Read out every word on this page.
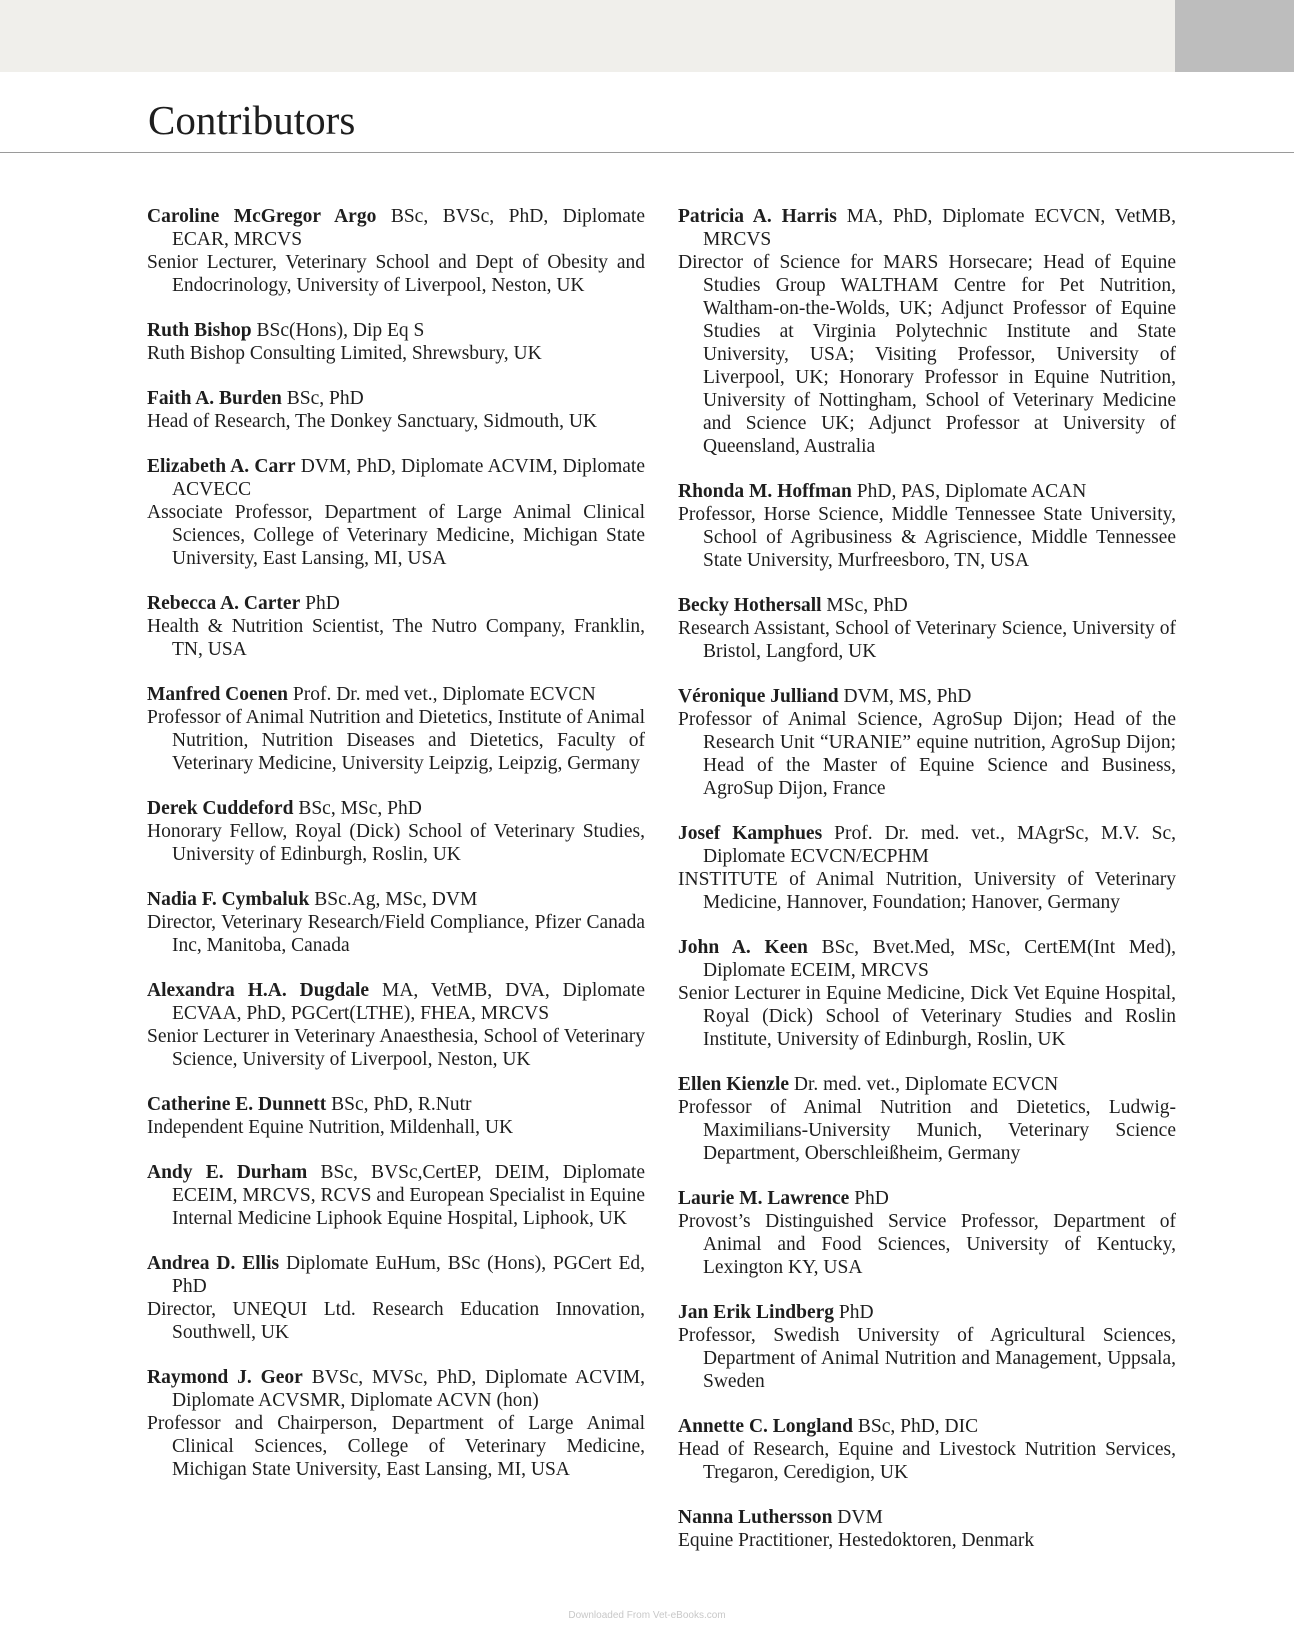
Contributors

Caroline McGregor Argo BSc, BVSc, PhD, Diplomate ECAR, MRCVS

Senior Lecturer, Veterinary School and Dept of Obesity and Endocrinology, University of Liverpool, Neston, UK

Ruth Bishop BSc(Hons), Dip Eq S

Ruth Bishop Consulting Limited, Shrewsbury, UK

Faith A. Burden BSc, PhD

Head of Research, The Donkey Sanctuary, Sidmouth, UK

Elizabeth A. Carr DVM, PhD, Diplomate ACVIM, Diplomate ACVECC

Associate Professor, Department of Large Animal Clinical Sciences, College of Veterinary Medicine, Michigan State University, East Lansing, MI, USA

Rebecca A. Carter PhD

Health & Nutrition Scientist, The Nutro Company, Franklin, TN, USA

Manfred Coenen Prof. Dr. med vet., Diplomate ECVCN

Professor of Animal Nutrition and Dietetics, Institute of Animal Nutrition, Nutrition Diseases and Dietetics, Faculty of Veterinary Medicine, University Leipzig, Leipzig, Germany

Derek Cuddeford BSc, MSc, PhD

Honorary Fellow, Royal (Dick) School of Veterinary Studies, University of Edinburgh, Roslin, UK

Nadia F. Cymbaluk BSc.Ag, MSc, DVM

Director, Veterinary Research/Field Compliance, Pfizer Canada Inc, Manitoba, Canada

Alexandra H.A. Dugdale MA, VetMB, DVA, Diplomate ECVAA, PhD, PGCert(LTHE), FHEA, MRCVS

Senior Lecturer in Veterinary Anaesthesia, School of Veterinary Science, University of Liverpool, Neston, UK

Catherine E. Dunnett BSc, PhD, R.Nutr

Independent Equine Nutrition, Mildenhall, UK

Andy E. Durham BSc, BVSc,CertEP, DEIM, Diplomate ECEIM, MRCVS, RCVS and European Specialist in Equine Internal Medicine Liphook Equine Hospital, Liphook, UK

Andrea D. Ellis Diplomate EuHum, BSc (Hons), PGCert Ed, PhD

Director, UNEQUI Ltd. Research Education Innovation, Southwell, UK

Raymond J. Geor BVSc, MVSc, PhD, Diplomate ACVIM, Diplomate ACVSMR, Diplomate ACVN (hon)

Professor and Chairperson, Department of Large Animal Clinical Sciences, College of Veterinary Medicine, Michigan State University, East Lansing, MI, USA

Patricia A. Harris MA, PhD, Diplomate ECVCN, VetMB, MRCVS

Director of Science for MARS Horsecare; Head of Equine Studies Group WALTHAM Centre for Pet Nutrition, Waltham-on-the-Wolds, UK; Adjunct Professor of Equine Studies at Virginia Polytechnic Institute and State University, USA; Visiting Professor, University of Liverpool, UK; Honorary Professor in Equine Nutrition, University of Nottingham, School of Veterinary Medicine and Science UK; Adjunct Professor at University of Queensland, Australia

Rhonda M. Hoffman PhD, PAS, Diplomate ACAN

Professor, Horse Science, Middle Tennessee State University, School of Agribusiness & Agriscience, Middle Tennessee State University, Murfreesboro, TN, USA

Becky Hothersall MSc, PhD

Research Assistant, School of Veterinary Science, University of Bristol, Langford, UK

Véronique Julliand DVM, MS, PhD

Professor of Animal Science, AgroSup Dijon; Head of the Research Unit “URANIE” equine nutrition, AgroSup Dijon; Head of the Master of Equine Science and Business, AgroSup Dijon, France

Josef Kamphues Prof. Dr. med. vet., MAgrSc, M.V. Sc, Diplomate ECVCN/ECPHM

INSTITUTE of Animal Nutrition, University of Veterinary Medicine, Hannover, Foundation; Hanover, Germany

John A. Keen BSc, Bvet.Med, MSc, CertEM(Int Med), Diplomate ECEIM, MRCVS

Senior Lecturer in Equine Medicine, Dick Vet Equine Hospital, Royal (Dick) School of Veterinary Studies and Roslin Institute, University of Edinburgh, Roslin, UK

Ellen Kienzle Dr. med. vet., Diplomate ECVCN

Professor of Animal Nutrition and Dietetics, Ludwig-Maximilians-University Munich, Veterinary Science Department, Oberschleißheim, Germany

Laurie M. Lawrence PhD

Provost’s Distinguished Service Professor, Department of Animal and Food Sciences, University of Kentucky, Lexington KY, USA

Jan Erik Lindberg PhD

Professor, Swedish University of Agricultural Sciences, Department of Animal Nutrition and Management, Uppsala, Sweden

Annette C. Longland BSc, PhD, DIC

Head of Research, Equine and Livestock Nutrition Services, Tregaron, Ceredigion, UK

Nanna Luthersson DVM

Equine Practitioner, Hestedoktoren, Denmark

Downloaded From Vet-eBooks.com
